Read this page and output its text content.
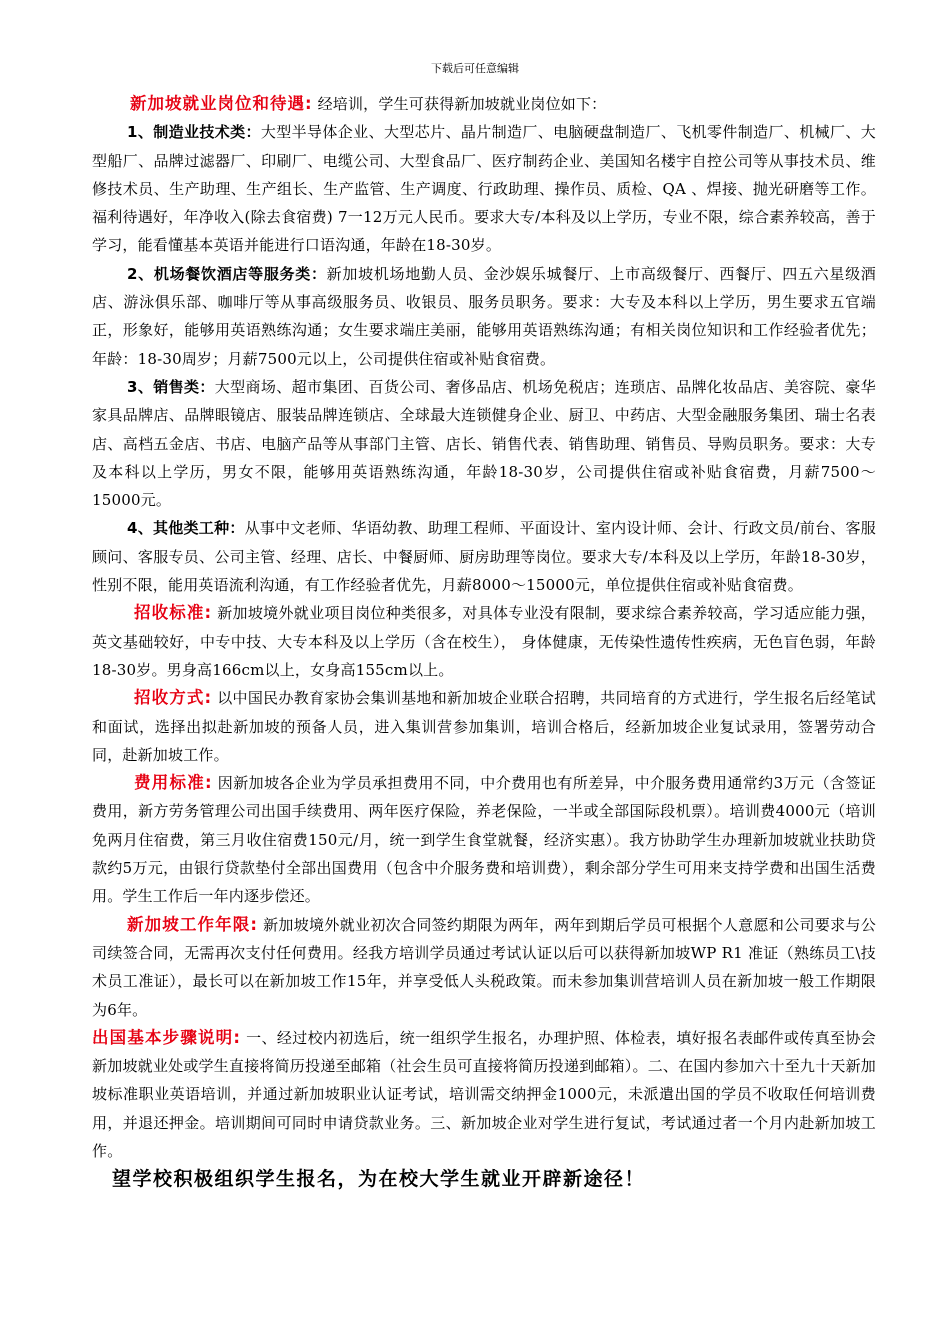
下载后可任意编辑

新加坡就业岗位和待遇: 经培训，学生可获得新加坡就业岗位如下：

1、制造业技术类：大型半导体企业、大型芯片、晶片制造厂、电脑硬盘制造厂、飞机零件制造厂、机械厂、大型船厂、品牌过滤器厂、印刷厂、电缆公司、大型食品厂、医疗制药企业、美国知名楼宇自控公司等从事技术员、维修技术员、生产助理、生产组长、生产监管、生产调度、行政助理、操作员、质检、QA 、焊接、抛光研磨等工作。福利待遇好，年净收入(除去食宿费) 7一12万元人民币。要求大专/本科及以上学历，专业不限，综合素养较高，善于学习，能看懂基本英语并能进行口语沟通，年龄在18-30岁。

2、机场餐饮酒店等服务类：新加坡机场地勤人员、金沙娱乐城餐厅、上市高级餐厅、西餐厅、四五六星级酒店、游泳俱乐部、咖啡厅等从事高级服务员、收银员、服务员职务。要求：大专及本科以上学历，男生要求五官端正，形象好，能够用英语熟练沟通；女生要求端庄美丽，能够用英语熟练沟通；有相关岗位知识和工作经验者优先；年龄：18-30周岁；月薪7500元以上，公司提供住宿或补贴食宿费。

3、销售类：大型商场、超市集团、百货公司、奢侈品店、机场免税店；连琐店、品牌化妆品店、美容院、豪华家具品牌店、品牌眼镜店、服装品牌连锁店、全球最大连锁健身企业、厨卫、中药店、大型金融服务集团、瑞士名表店、高档五金店、书店、电脑产品等从事部门主管、店长、销售代表、销售助理、销售员、导购员职务。要求：大专及本科以上学历，男女不限，能够用英语熟练沟通，年龄18-30岁，公司提供住宿或补贴食宿费，月薪7500～15000元。

4、其他类工种：从事中文老师、华语幼教、助理工程师、平面设计、室内设计师、会计、行政文员/前台、客服顾问、客服专员、公司主管、经理、店长、中餐厨师、厨房助理等岗位。要求大专/本科及以上学历，年龄18-30岁，性别不限，能用英语流利沟通，有工作经验者优先，月薪8000～15000元，单位提供住宿或补贴食宿费。

招收标准: 新加坡境外就业项目岗位种类很多，对具体专业没有限制，要求综合素养较高，学习适应能力强，英文基础较好，中专中技、大专本科及以上学历（含在校生）， 身体健康，无传染性遗传性疾病，无色盲色弱，年龄18-30岁。男身高166cm以上，女身高155cm以上。

招收方式: 以中国民办教育家协会集训基地和新加坡企业联合招聘，共同培育的方式进行，学生报名后经笔试和面试，选择出拟赴新加坡的预备人员，进入集训营参加集训，培训合格后，经新加坡企业复试录用，签署劳动合同，赴新加坡工作。

费用标准: 因新加坡各企业为学员承担费用不同，中介费用也有所差异，中介服务费用通常约3万元（含签证费用，新方劳务管理公司出国手续费用、两年医疗保险，养老保险，一半或全部国际段机票）。培训费4000元（培训免两月住宿费，第三月收住宿费150元/月，统一到学生食堂就餐，经济实惠）。我方协助学生办理新加坡就业扶助贷款约5万元，由银行贷款垫付全部出国费用（包含中介服务费和培训费），剩余部分学生可用来支持学费和出国生活费用。学生工作后一年内逐步偿还。

新加坡工作年限: 新加坡境外就业初次合同签约期限为两年，两年到期后学员可根据个人意愿和公司要求与公司续签合同，无需再次支付任何费用。经我方培训学员通过考试认证以后可以获得新加坡WP R1 准证（熟练员工\技术员工准证），最长可以在新加坡工作15年，并享受低人头税政策。而未参加集训营培训人员在新加坡一般工作期限为6年。

出国基本步骤说明: 一、经过校内初选后，统一组织学生报名，办理护照、体检表，填好报名表邮件或传真至协会新加坡就业处或学生直接将简历投递至邮箱（社会生员可直接将简历投递到邮箱）。二、在国内参加六十至九十天新加坡标准职业英语培训，并通过新加坡职业认证考试，培训需交纳押金1000元，未派遣出国的学员不收取任何培训费用，并退还押金。培训期间可同时申请贷款业务。三、新加坡企业对学生进行复试，考试通过者一个月内赴新加坡工作。

望学校积极组织学生报名，为在校大学生就业开辟新途径！
